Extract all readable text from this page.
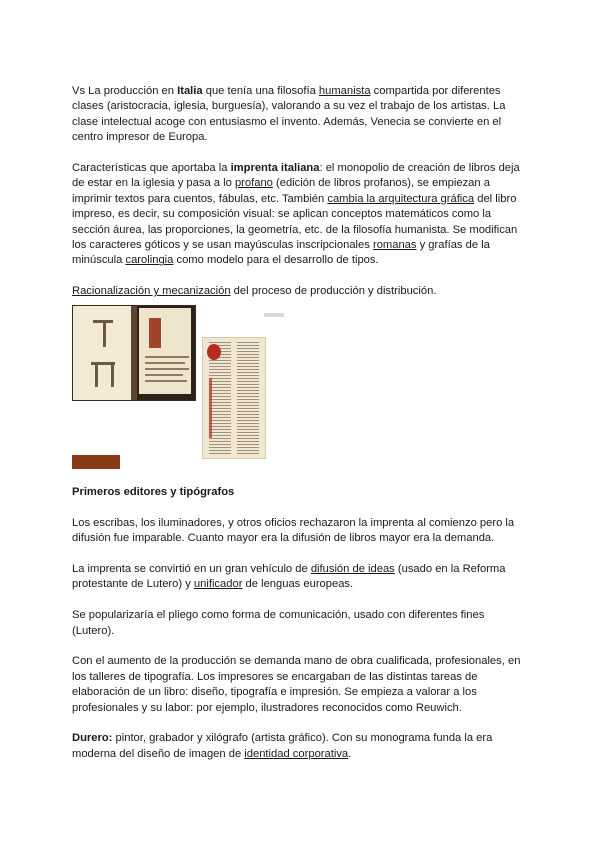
Vs La producción en Italia que tenía una filosofía humanista compartida por diferentes clases (aristocracia, iglesia, burguesía), valorando a su vez el trabajo de los artistas. La clase intelectual acoge con entusiasmo el invento. Además, Venecia se convierte en el centro impresor de Europa.

Características que aportaba la imprenta italiana: el monopolio de creación de libros deja de estar en la iglesia y pasa a lo profano (edición de libros profanos), se empiezan a imprimir textos para cuentos, fábulas, etc. También cambia la arquitectura gráfica del libro impreso, es decir, su composición visual: se aplican conceptos matemáticos como la sección áurea, las proporciones, la geometría, etc. de la filosofía humanista. Se modifican los caracteres góticos y se usan mayúsculas inscripcionales romanas y grafías de la minúscula carolingia como modelo para el desarrollo de tipos.

Racionalización y mecanización del proceso de producción y distribución.

Primeros editores y tipógrafos

Los escribas, los iluminadores, y otros oficios rechazaron la imprenta al comienzo pero la difusión fue imparable. Cuanto mayor era la difusión de libros mayor era la demanda.

La imprenta se convirtió en un gran vehículo de difusión de ideas (usado en la Reforma protestante de Lutero) y unificador de lenguas europeas.

Se popularizaría el pliego como forma de comunicación, usado con diferentes fines (Lutero).

Con el aumento de la producción se demanda mano de obra cualificada, profesionales, en los talleres de tipografía. Los impresores se encargaban de las distintas tareas de elaboración de un libro: diseño, tipografía e impresión. Se empieza a valorar a los profesionales y su labor: por ejemplo, ilustradores reconocidos como Reuwich.

Durero: pintor, grabador y xilógrafo (artista gráfico). Con su monograma funda la era moderna del diseño de imagen de identidad corporativa.
